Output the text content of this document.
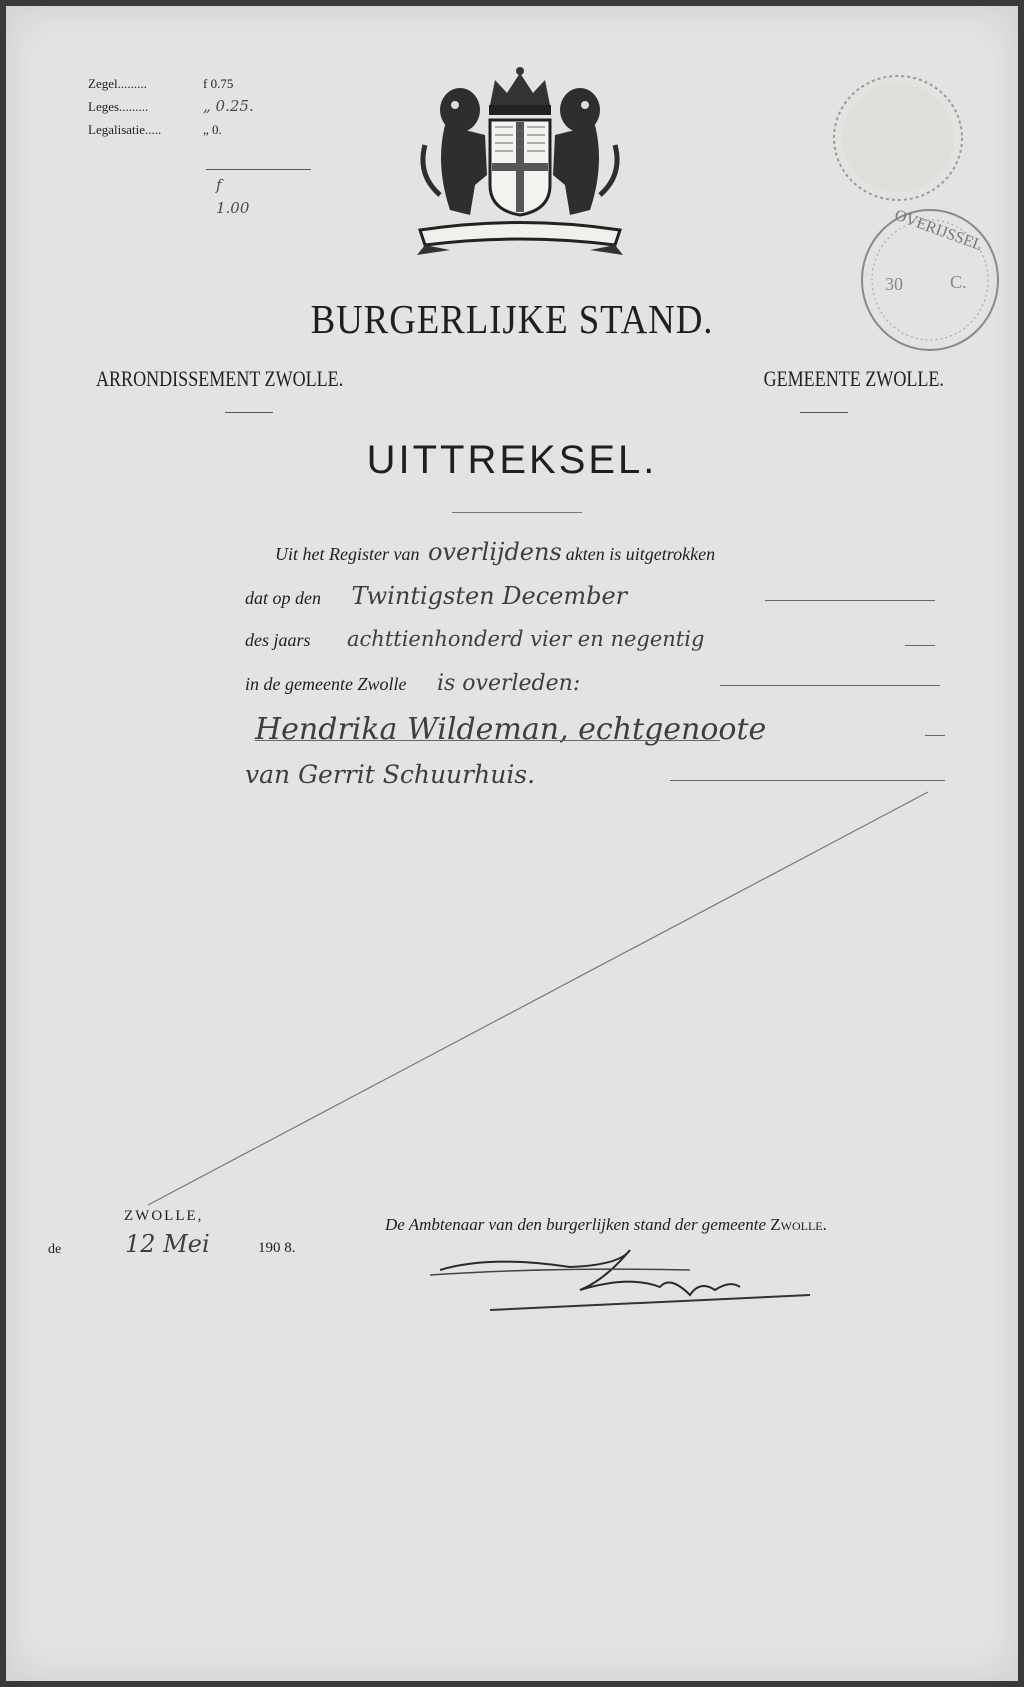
Zegel.........	f 0.75
Leges.........	„ 0.25.
Legalisatie.....	„ 0.
f 1.00	OVERIJSSEL
30	C.
BURGERLIJKE STAND.
ARRONDISSEMENT ZWOLLE.	GEMEENTE ZWOLLE.
UITTREKSEL.
Uit het Register van overlijdens akten is uitgetrokken
dat op den Twintigsten December
des jaars achttienhonderd vier en negentig
in de gemeente Zwolle is overleden:
Hendrika Wildeman, echtgenoote
van Gerrit Schuurhuis.
ZWOLLE,
de	12 Mei	190 8.
De Ambtenaar van den burgerlijken stand der gemeente Zwolle.
